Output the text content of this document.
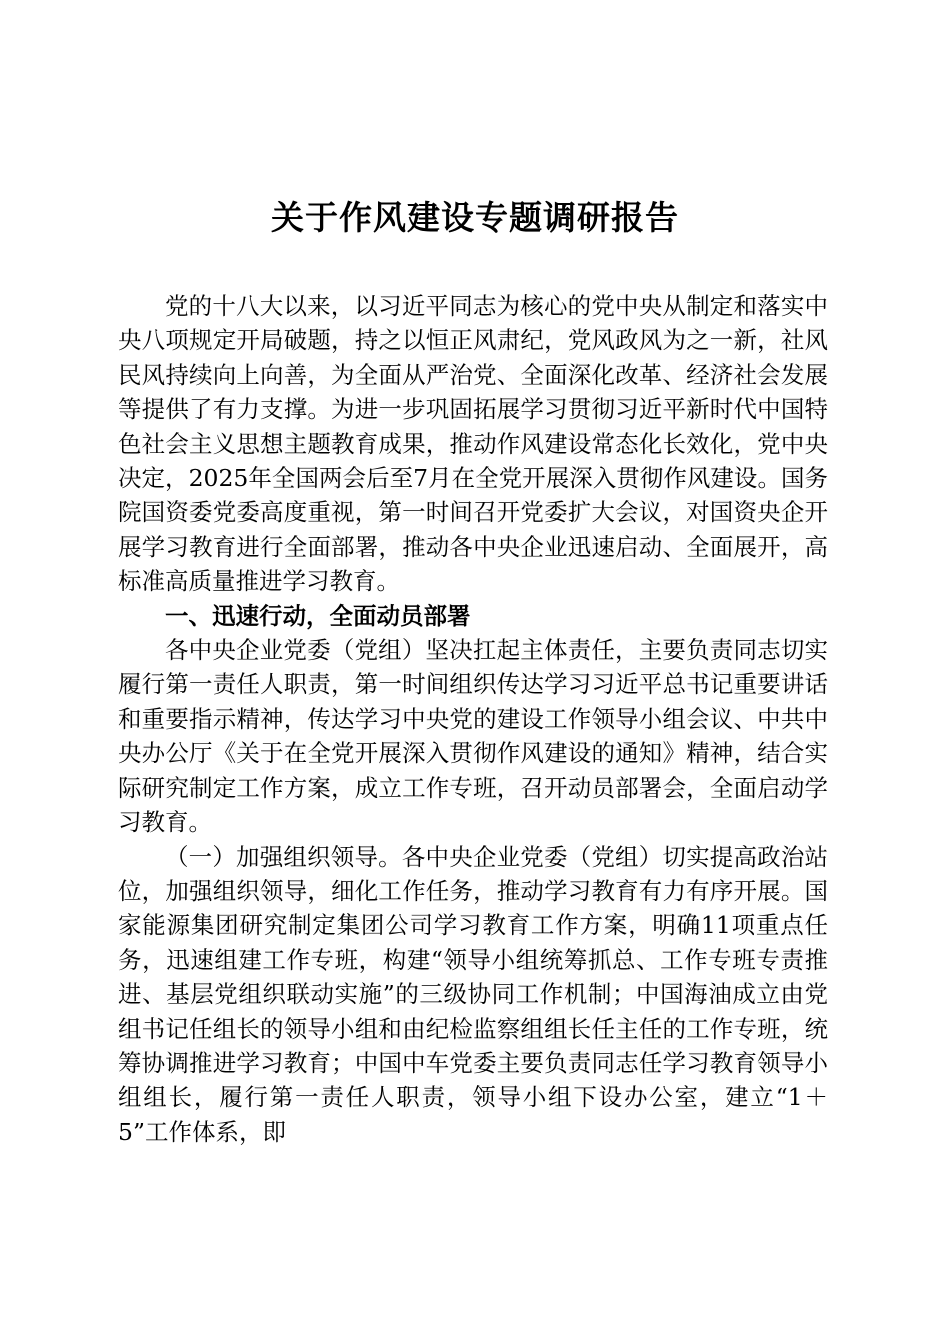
关于作风建设专题调研报告

党的十八大以来，以习近平同志为核心的党中央从制定和落实中央八项规定开局破题，持之以恒正风肃纪，党风政风为之一新，社风民风持续向上向善，为全面从严治党、全面深化改革、经济社会发展等提供了有力支撑。为进一步巩固拓展学习贯彻习近平新时代中国特色社会主义思想主题教育成果，推动作风建设常态化长效化，党中央决定，2025年全国两会后至7月在全党开展深入贯彻作风建设。国务院国资委党委高度重视，第一时间召开党委扩大会议，对国资央企开展学习教育进行全面部署，推动各中央企业迅速启动、全面展开，高标准高质量推进学习教育。

一、迅速行动，全面动员部署

各中央企业党委（党组）坚决扛起主体责任，主要负责同志切实履行第一责任人职责，第一时间组织传达学习习近平总书记重要讲话和重要指示精神，传达学习中央党的建设工作领导小组会议、中共中央办公厅《关于在全党开展深入贯彻作风建设的通知》精神，结合实际研究制定工作方案，成立工作专班，召开动员部署会，全面启动学习教育。

（一）加强组织领导。各中央企业党委（党组）切实提高政治站位，加强组织领导，细化工作任务，推动学习教育有力有序开展。国家能源集团研究制定集团公司学习教育工作方案，明确11项重点任务，迅速组建工作专班，构建“领导小组统筹抓总、工作专班专责推进、基层党组织联动实施”的三级协同工作机制；中国海油成立由党组书记任组长的领导小组和由纪检监察组组长任主任的工作专班，统筹协调推进学习教育；中国中车党委主要负责同志任学习教育领导小组组长，履行第一责任人职责，领导小组下设办公室，建立“1＋5”工作体系，即
